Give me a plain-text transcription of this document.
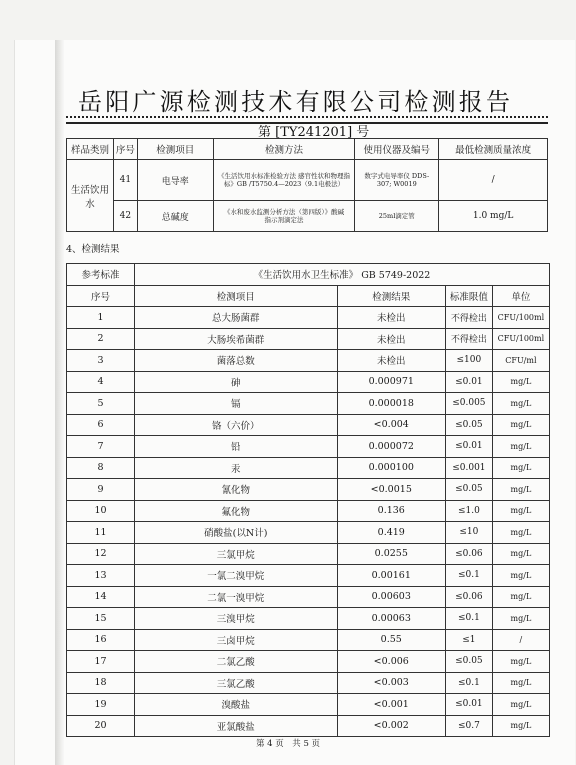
岳阳广源检测技术有限公司检测报告
第 [TY241201] 号
样品类别	序号	检测项目	检测方法	使用仪器及编号	最低检测质量浓度
生活饮用水	41	电导率	《生活饮用水标准检验方法 感官性状和物理指标》GB /T5750.4—2023（9.1电极法）	数字式电导率仪 DDS-307; W0019	/
	42	总碱度	《水和废水监测分析方法（第四版）》酸碱指示剂滴定法	25ml滴定管	1.0 mg/L
4、检测结果
参考标准	《生活饮用水卫生标准》 GB 5749-2022			
序号	检测项目	检测结果	标准限值	单位
1	总大肠菌群	未检出	不得检出	CFU/100ml
2	大肠埃希菌群	未检出	不得检出	CFU/100ml
3	菌落总数	未检出	≤100	CFU/ml
4	砷	0.000971	≤0.01	mg/L
5	镉	0.000018	≤0.005	mg/L
6	铬（六价）	<0.004	≤0.05	mg/L
7	铅	0.000072	≤0.01	mg/L
8	汞	0.000100	≤0.001	mg/L
9	氰化物	<0.0015	≤0.05	mg/L
10	氟化物	0.136	≤1.0	mg/L
11	硝酸盐(以N计)	0.419	≤10	mg/L
12	三氯甲烷	0.0255	≤0.06	mg/L
13	一氯二溴甲烷	0.00161	≤0.1	mg/L
14	二氯一溴甲烷	0.00603	≤0.06	mg/L
15	三溴甲烷	0.00063	≤0.1	mg/L
16	三卤甲烷	0.55	≤1	/
17	二氯乙酸	<0.006	≤0.05	mg/L
18	三氯乙酸	<0.003	≤0.1	mg/L
19	溴酸盐	<0.001	≤0.01	mg/L
20	亚氯酸盐	<0.002	≤0.7	mg/L
第 4 页　共 5 页
